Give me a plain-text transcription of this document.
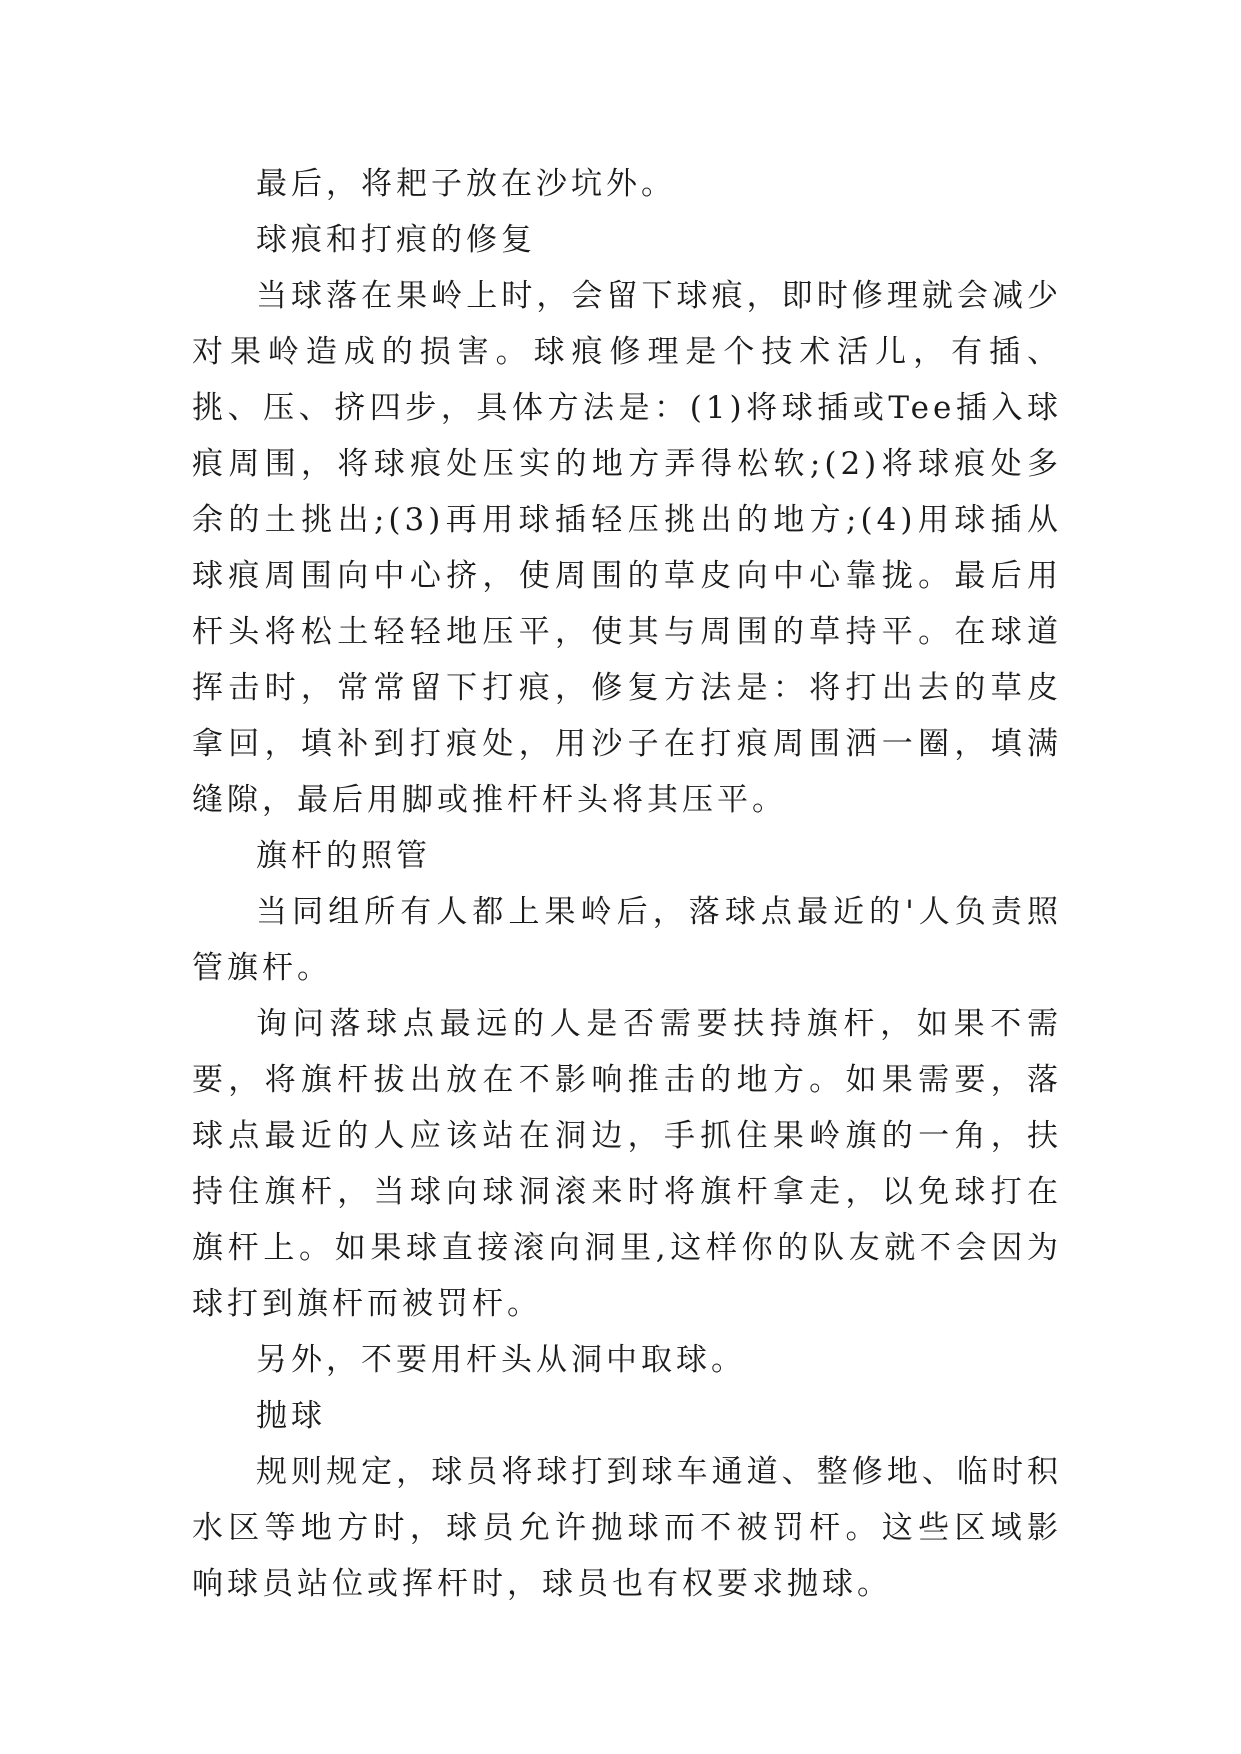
最后，将耙子放在沙坑外。

球痕和打痕的修复

当球落在果岭上时，会留下球痕，即时修理就会减少对果岭造成的损害。球痕修理是个技术活儿，有插、挑、压、挤四步，具体方法是：(1)将球插或Tee插入球痕周围，将球痕处压实的地方弄得松软;(2)将球痕处多余的土挑出;(3)再用球插轻压挑出的地方;(4)用球插从球痕周围向中心挤，使周围的草皮向中心靠拢。最后用杆头将松土轻轻地压平，使其与周围的草持平。在球道挥击时，常常留下打痕，修复方法是：将打出去的草皮拿回，填补到打痕处，用沙子在打痕周围洒一圈，填满缝隙，最后用脚或推杆杆头将其压平。

旗杆的照管

当同组所有人都上果岭后，落球点最近的'人负责照管旗杆。

询问落球点最远的人是否需要扶持旗杆，如果不需要，将旗杆拔出放在不影响推击的地方。如果需要，落球点最近的人应该站在洞边，手抓住果岭旗的一角，扶持住旗杆，当球向球洞滚来时将旗杆拿走，以免球打在旗杆上。如果球直接滚向洞里,这样你的队友就不会因为球打到旗杆而被罚杆。

另外，不要用杆头从洞中取球。

抛球

规则规定，球员将球打到球车通道、整修地、临时积水区等地方时，球员允许抛球而不被罚杆。这些区域影响球员站位或挥杆时，球员也有权要求抛球。
